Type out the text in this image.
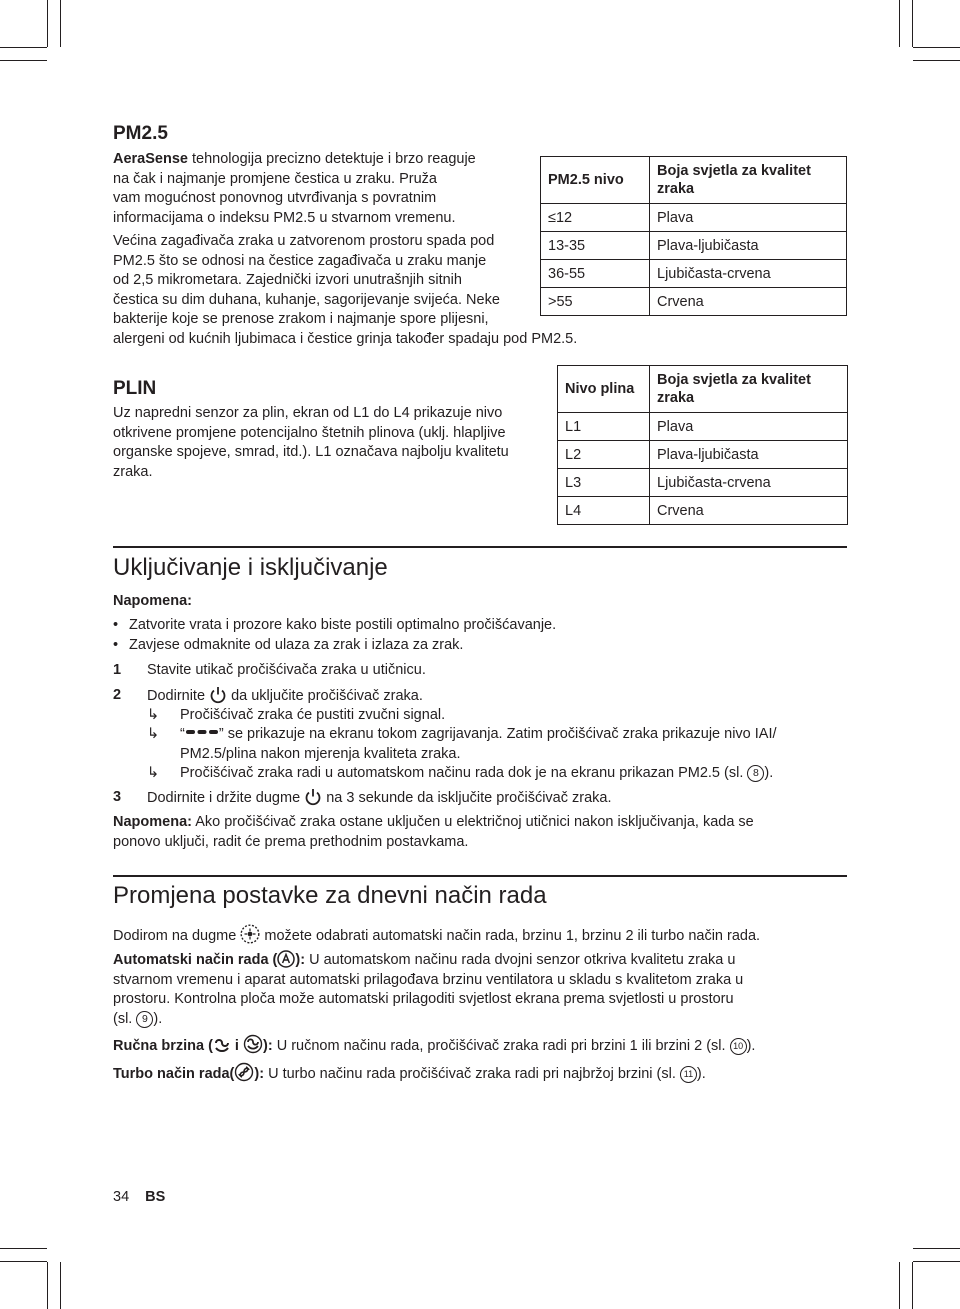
PM2.5
AeraSense tehnologija precizno detektuje i brzo reaguje
na čak i najmanje promjene čestica u zraku. Pruža
vam mogućnost ponovnog utvrđivanja s povratnim
informacijama o indeksu PM2.5 u stvarnom vremenu.
Većina zagađivača zraka u zatvorenom prostoru spada pod
PM2.5 što se odnosi na čestice zagađivača u zraku manje
od 2,5 mikrometara. Zajednički izvori unutrašnjih sitnih
čestica su dim duhana, kuhanje, sagorijevanje svijeća. Neke
bakterije koje se prenose zrakom i najmanje spore plijesni,
alergeni od kućnih ljubimaca i čestice grinja također spadaju pod PM2.5.
PM2.5 nivo	Boja svjetla za kvalitet zraka
≤12	Plava
13-35	Plava-ljubičasta
36-55	Ljubičasta-crvena
>55	Crvena
PLIN
Uz napredni senzor za plin, ekran od L1 do L4 prikazuje nivo
otkrivene promjene potencijalno štetnih plinova (uklj. hlapljive
organske spojeve, smrad, itd.). L1 označava najbolju kvalitetu
zraka.
Nivo plina	Boja svjetla za kvalitet zraka
L1	Plava
L2	Plava-ljubičasta
L3	Ljubičasta-crvena
L4	Crvena
Uključivanje i isključivanje
Napomena:
• Zatvorite vrata i prozore kako biste postili optimalno pročišćavanje.
• Zavjese odmaknite od ulaza za zrak i izlaza za zrak.
1 Stavite utikač pročišćivača zraka u utičnicu.
2 Dodirnite  da uključite pročišćivač zraka.
↳ Pročišćivač zraka će pustiti zvučni signal.
↳ “ ” se prikazuje na ekranu tokom zagrijavanja. Zatim pročišćivač zraka prikazuje nivo IAI/
PM2.5/plina nakon mjerenja kvaliteta zraka.
↳ Pročišćivač zraka radi u automatskom načinu rada dok je na ekranu prikazan PM2.5 (sl. 8 ).
3 Dodirnite i držite dugme  na 3 sekunde da isključite pročišćivač zraka.
Napomena: Ako pročišćivač zraka ostane uključen u električnoj utičnici nakon isključivanja, kada se
ponovo uključi, radit će prema prethodnim postavkama.
Promjena postavke za dnevni način rada
Dodirom na dugme  možete odabrati automatski način rada, brzinu 1, brzinu 2 ili turbo način rada.
Automatski način rada ( ): U automatskom načinu rada dvojni senzor otkriva kvalitetu zraka u
stvarnom vremenu i aparat automatski prilagođava brzinu ventilatora u skladu s kvalitetom zraka u
prostoru. Kontrolna ploča može automatski prilagoditi svjetlost ekrana prema svjetlosti u prostoru
(sl. 9 ).
Ručna brzina ( i ): U ručnom načinu rada, pročišćivač zraka radi pri brzini 1 ili brzini 2 (sl. 10 ).
Turbo način rada( ): U turbo načinu rada pročišćivač zraka radi pri najbržoj brzini (sl. 11 ).
34 BS
